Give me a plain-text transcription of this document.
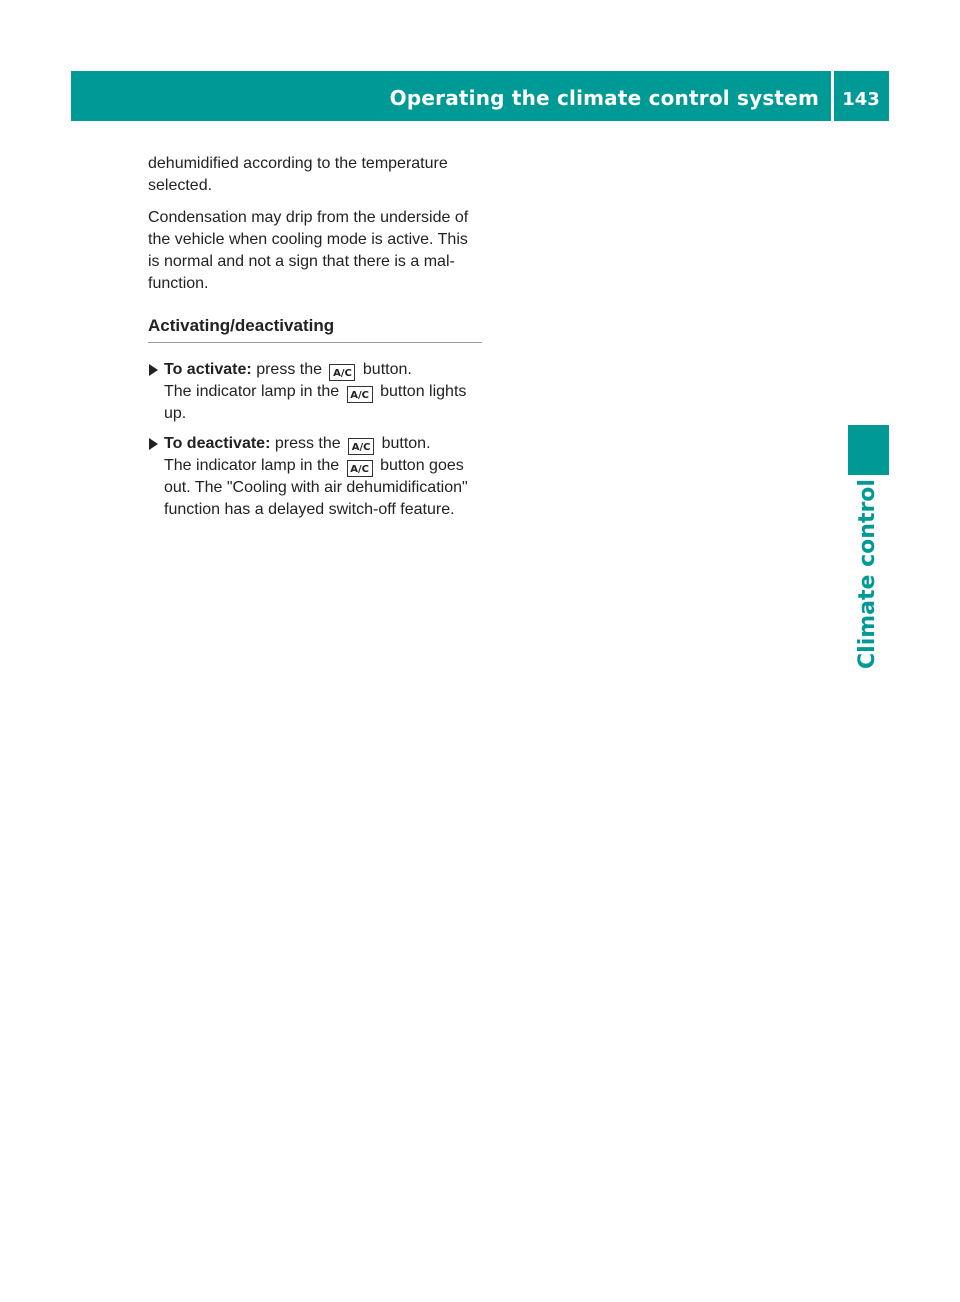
Operating the climate control system 143
Climate control

dehumidified according to the temperature selected.

Condensation may drip from the underside of the vehicle when cooling mode is active. This is normal and not a sign that there is a malfunction.

Activating/deactivating
To activate: press the A/C button.
The indicator lamp in the A/C button lights up.
To deactivate: press the A/C button.
The indicator lamp in the A/C button goes out. The "Cooling with air dehumidification" function has a delayed switch-off feature.
